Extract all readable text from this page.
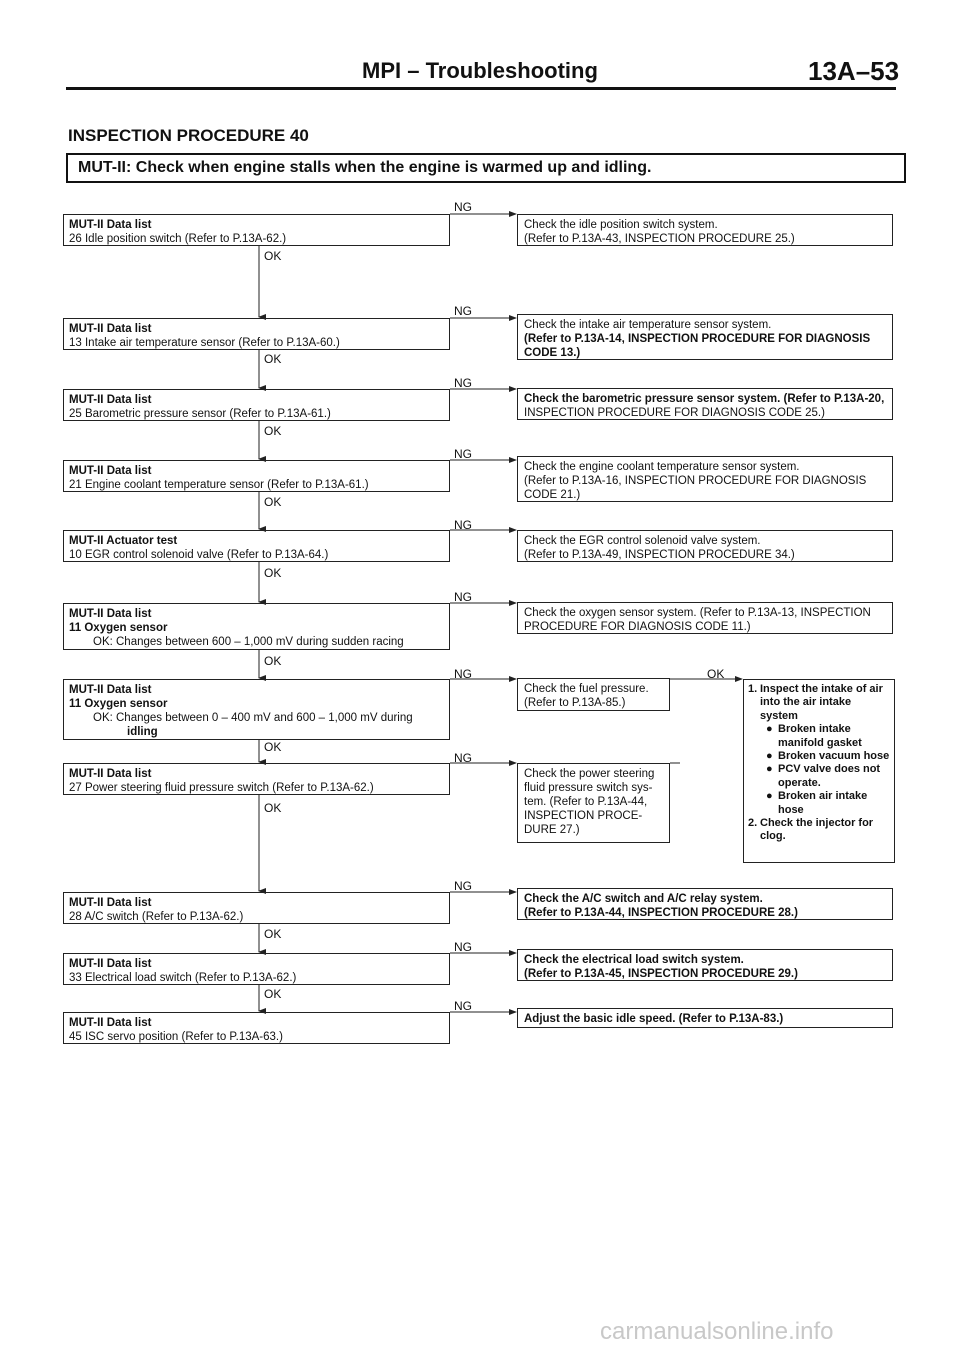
MPI – Troubleshooting	13A–53
INSPECTION PROCEDURE 40
MUT-II: Check when engine stalls when the engine is warmed up and idling.
MUT-II Data list
26 Idle position switch (Refer to P.13A-62.)
MUT-II Data list
13 Intake air temperature sensor (Refer to P.13A-60.)
MUT-II Data list
25 Barometric pressure sensor (Refer to P.13A-61.)
MUT-II Data list
21 Engine coolant temperature sensor (Refer to P.13A-61.)
MUT-II Actuator test
10 EGR control solenoid valve (Refer to P.13A-64.)
MUT-II Data list
11 Oxygen sensor
OK: Changes between 600 – 1,000 mV during sudden racing
MUT-II Data list
11 Oxygen sensor
OK: Changes between 0 – 400 mV and 600 – 1,000 mV during
idling
MUT-II Data list
27 Power steering fluid pressure switch (Refer to P.13A-62.)
MUT-II Data list
28 A/C switch (Refer to P.13A-62.)
MUT-II Data list
33 Electrical load switch (Refer to P.13A-62.)
MUT-II Data list
45 ISC servo position (Refer to P.13A-63.)
Check the idle position switch system.
(Refer to P.13A-43, INSPECTION PROCEDURE 25.)
Check the intake air temperature sensor system.
(Refer to P.13A-14, INSPECTION PROCEDURE FOR DIAGNOSIS
CODE 13.)
Check the barometric pressure sensor system. (Refer to P.13A-20,
INSPECTION PROCEDURE FOR DIAGNOSIS CODE 25.)
Check the engine coolant temperature sensor system.
(Refer to P.13A-16, INSPECTION PROCEDURE FOR DIAGNOSIS
CODE 21.)
Check the EGR control solenoid valve system.
(Refer to P.13A-49, INSPECTION PROCEDURE 34.)
Check the oxygen sensor system. (Refer to P.13A-13, INSPECTION
PROCEDURE FOR DIAGNOSIS CODE 11.)
Check the fuel pressure.
(Refer to P.13A-85.)
Check the power steering
fluid pressure switch sys-
tem. (Refer to P.13A-44,
INSPECTION PROCE-
DURE 27.)
Check the A/C switch and A/C relay system.
(Refer to P.13A-44, INSPECTION PROCEDURE 28.)
Check the electrical load switch system.
(Refer to P.13A-45, INSPECTION PROCEDURE 29.)
Adjust the basic idle speed. (Refer to P.13A-83.)
1. Inspect the intake of air into the air intake system
● Broken intake manifold gasket
● Broken vacuum hose
● PCV valve does not operate.
● Broken air intake hose
2. Check the injector for clog.
NG
NG
NG
NG
NG
NG
NG
NG
NG
NG
NG
OK
OK
OK
OK
OK
OK
OK
OK
OK
OK
OK
carmanualsonline.info
